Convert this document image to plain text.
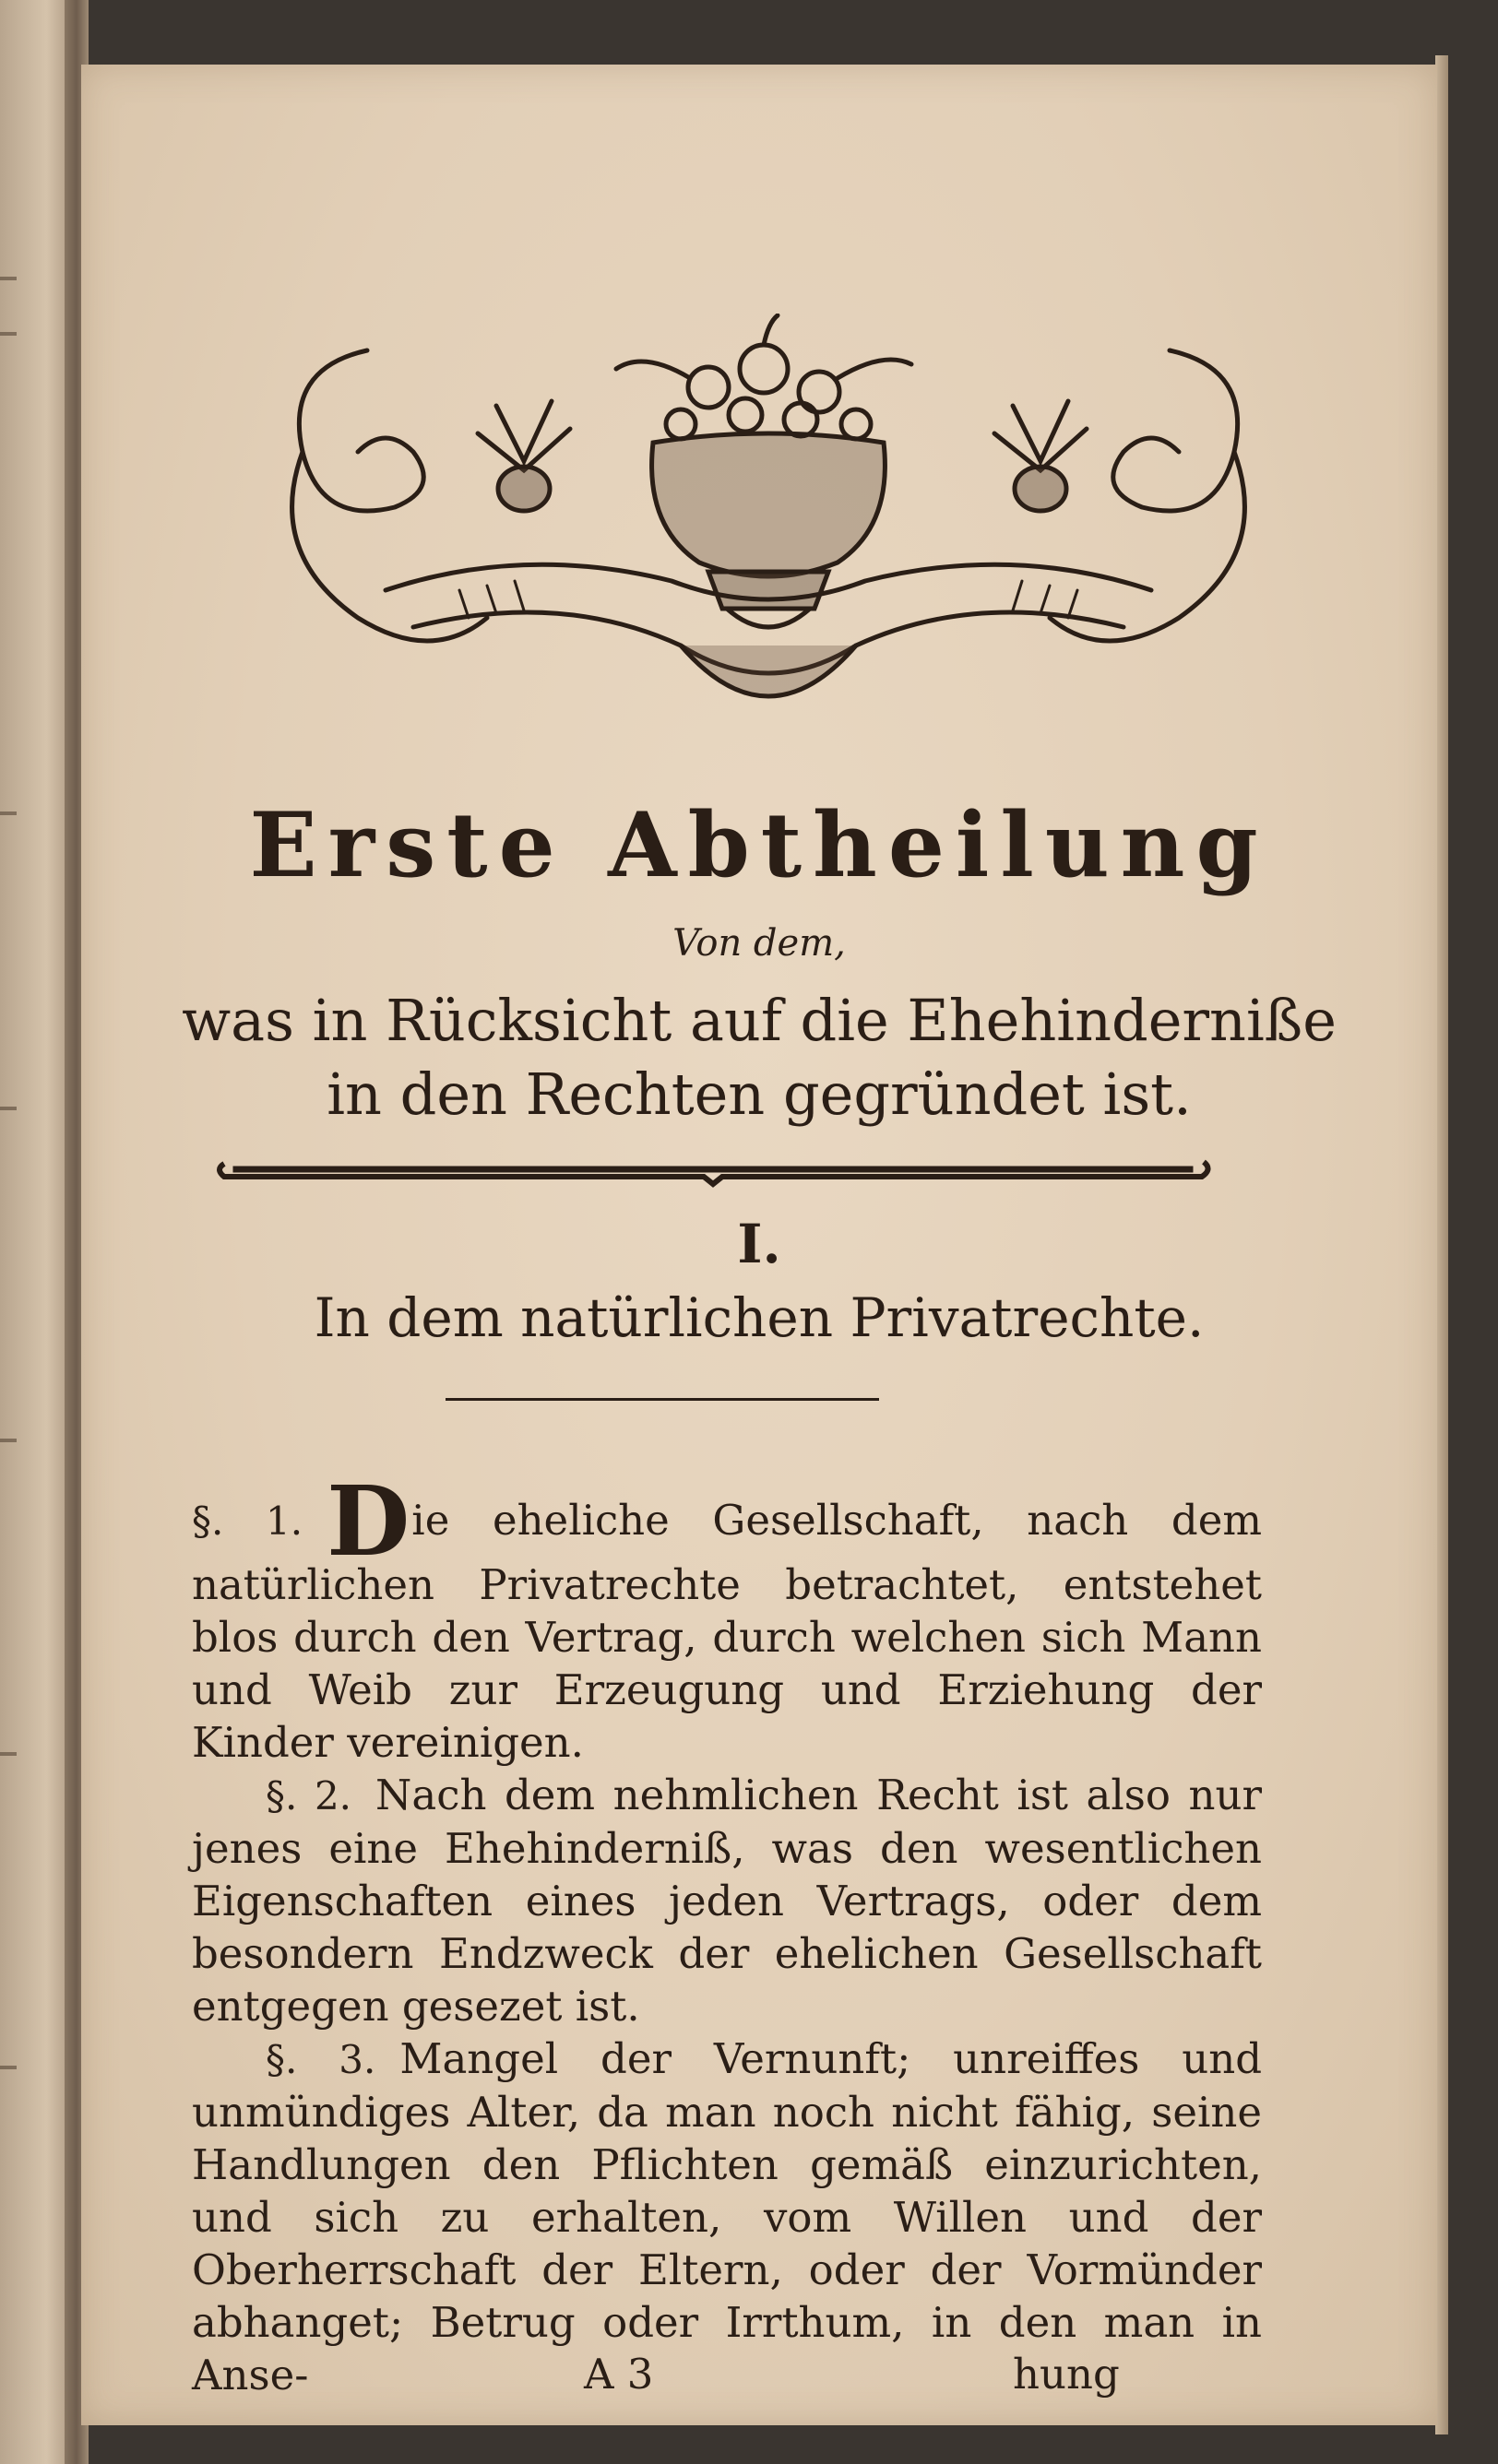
Erste Abtheilung
Von dem,
was in Rücksicht auf die Ehehinderniße
in den Rechten gegründet ist.
I.
In dem natürlichen Privatrechte.

§. 1. Die eheliche Gesellschaft, nach dem natürlichen Privatrechte betrachtet, entstehet blos durch den Vertrag, durch welchen sich Mann und Weib zur Erzeugung und Erziehung der Kinder vereinigen.

§. 2. Nach dem nehmlichen Recht ist also nur jenes eine Ehehinderniß, was den wesentlichen Eigenschaften eines jeden Vertrags, oder dem besondern Endzweck der ehelichen Gesellschaft entgegen gesezet ist.

§. 3. Mangel der Vernunft; unreiffes und unmündiges Alter, da man noch nicht fähig, seine Handlungen den Pflichten gemäß einzurichten, und sich zu erhalten, vom Willen und der Oberherrschaft der Eltern, oder der Vormünder abhanget; Betrug oder Irrthum, in den man in Anse-	A 3	hung
